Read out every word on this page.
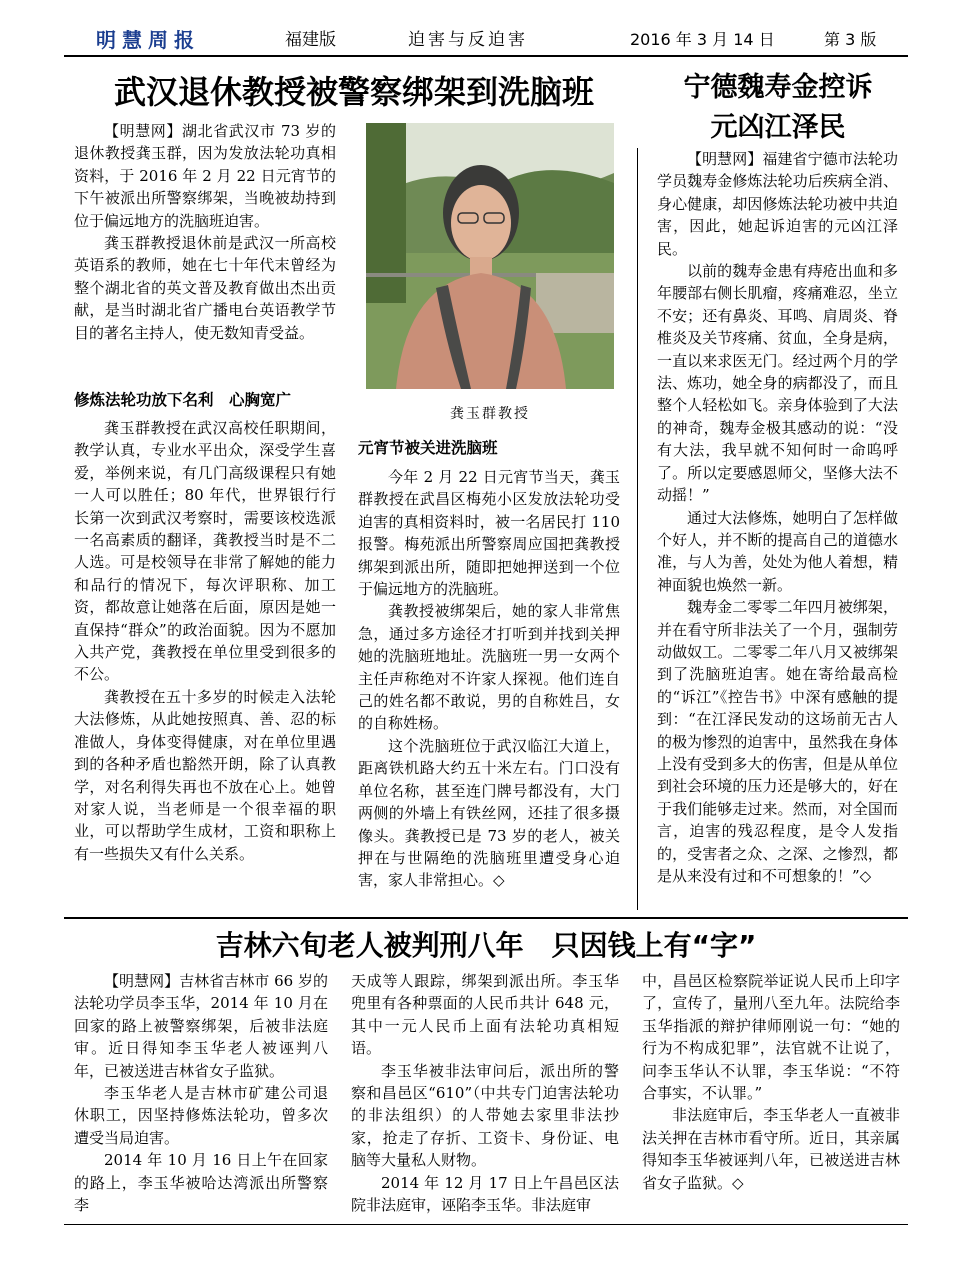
明慧周报	福建版	迫害与反迫害	2016 年 3 月 14 日	第 3 版
武汉退休教授被警察绑架到洗脑班

【明慧网】湖北省武汉市 73 岁的退休教授龚玉群，因为发放法轮功真相资料，于 2016 年 2 月 22 日元宵节的下午被派出所警察绑架，当晚被劫持到位于偏远地方的洗脑班迫害。

龚玉群教授退休前是武汉一所高校英语系的教师，她在七十年代末曾经为整个湖北省的英文普及教育做出杰出贡献，是当时湖北省广播电台英语教学节目的著名主持人，使无数知青受益。

修炼法轮功放下名利　心胸宽广

龚玉群教授在武汉高校任职期间，教学认真，专业水平出众，深受学生喜爱，举例来说，有几门高级课程只有她一人可以胜任；80 年代，世界银行行长第一次到武汉考察时，需要该校选派一名高素质的翻译，龚教授当时是不二人选。可是校领导在非常了解她的能力和品行的情况下，每次评职称、加工资，都故意让她落在后面，原因是她一直保持“群众”的政治面貌。因为不愿加入共产党，龚教授在单位里受到很多的不公。

龚教授在五十多岁的时候走入法轮大法修炼，从此她按照真、善、忍的标准做人，身体变得健康，对在单位里遇到的各种矛盾也豁然开朗，除了认真教学，对名利得失再也不放在心上。她曾对家人说，当老师是一个很幸福的职业，可以帮助学生成材，工资和职称上有一些损失又有什么关系。

龚玉群教授
元宵节被关进洗脑班

今年 2 月 22 日元宵节当天，龚玉群教授在武昌区梅苑小区发放法轮功受迫害的真相资料时，被一名居民打 110 报警。梅苑派出所警察周应国把龚教授绑架到派出所，随即把她押送到一个位于偏远地方的洗脑班。

龚教授被绑架后，她的家人非常焦急，通过多方途径才打听到并找到关押她的洗脑班地址。洗脑班一男一女两个主任声称绝对不许家人探视。他们连自己的姓名都不敢说，男的自称姓吕，女的自称姓杨。

这个洗脑班位于武汉临江大道上，距离铁机路大约五十米左右。门口没有单位名称，甚至连门牌号都没有，大门两侧的外墙上有铁丝网，还挂了很多摄像头。龚教授已是 73 岁的老人，被关押在与世隔绝的洗脑班里遭受身心迫害，家人非常担心。◇

宁德魏寿金控诉
元凶江泽民

【明慧网】福建省宁德市法轮功学员魏寿金修炼法轮功后疾病全消、身心健康，却因修炼法轮功被中共迫害，因此，她起诉迫害的元凶江泽民。

以前的魏寿金患有痔疮出血和多年腰部右侧长肌瘤，疼痛难忍，坐立不安；还有鼻炎、耳鸣、肩周炎、脊椎炎及关节疼痛、贫血，全身是病，一直以来求医无门。经过两个月的学法、炼功，她全身的病都没了，而且整个人轻松如飞。亲身体验到了大法的神奇，魏寿金极其感动的说：“没有大法，我早就不知何时一命呜呼了。所以定要感恩师父，坚修大法不动摇！”

通过大法修炼，她明白了怎样做个好人，并不断的提高自己的道德水准，与人为善，处处为他人着想，精神面貌也焕然一新。

魏寿金二零零二年四月被绑架，并在看守所非法关了一个月，强制劳动做奴工。二零零二年八月又被绑架到了洗脑班迫害。她在寄给最高检的“诉江”《控告书》中深有感触的提到：“在江泽民发动的这场前无古人的极为惨烈的迫害中，虽然我在身体上没有受到多大的伤害，但是从单位到社会环境的压力还是够大的，好在于我们能够走过来。然而，对全国而言，迫害的残忍程度，是令人发指的，受害者之众、之深、之惨烈，都是从来没有过和不可想象的！”◇

吉林六旬老人被判刑八年　只因钱上有“字”

【明慧网】吉林省吉林市 66 岁的法轮功学员李玉华，2014 年 10 月在回家的路上被警察绑架，后被非法庭审。近日得知李玉华老人被诬判八年，已被送进吉林省女子监狱。

李玉华老人是吉林市矿建公司退休职工，因坚持修炼法轮功，曾多次遭受当局迫害。

2014 年 10 月 16 日上午在回家的路上，李玉华被哈达湾派出所警察李

天成等人跟踪，绑架到派出所。李玉华兜里有各种票面的人民币共计 648 元，其中一元人民币上面有法轮功真相短语。

李玉华被非法审问后，派出所的警察和昌邑区“610”（中共专门迫害法轮功的非法组织）的人带她去家里非法抄家，抢走了存折、工资卡、身份证、电脑等大量私人财物。

2014 年 12 月 17 日上午昌邑区法院非法庭审，诬陷李玉华。非法庭审

中，昌邑区检察院举证说人民币上印字了，宣传了，量刑八至九年。法院给李玉华指派的辩护律师刚说一句：“她的行为不构成犯罪”，法官就不让说了，问李玉华认不认罪，李玉华说：“不符合事实，不认罪。”

非法庭审后，李玉华老人一直被非法关押在吉林市看守所。近日，其亲属得知李玉华被诬判八年，已被送进吉林省女子监狱。◇
